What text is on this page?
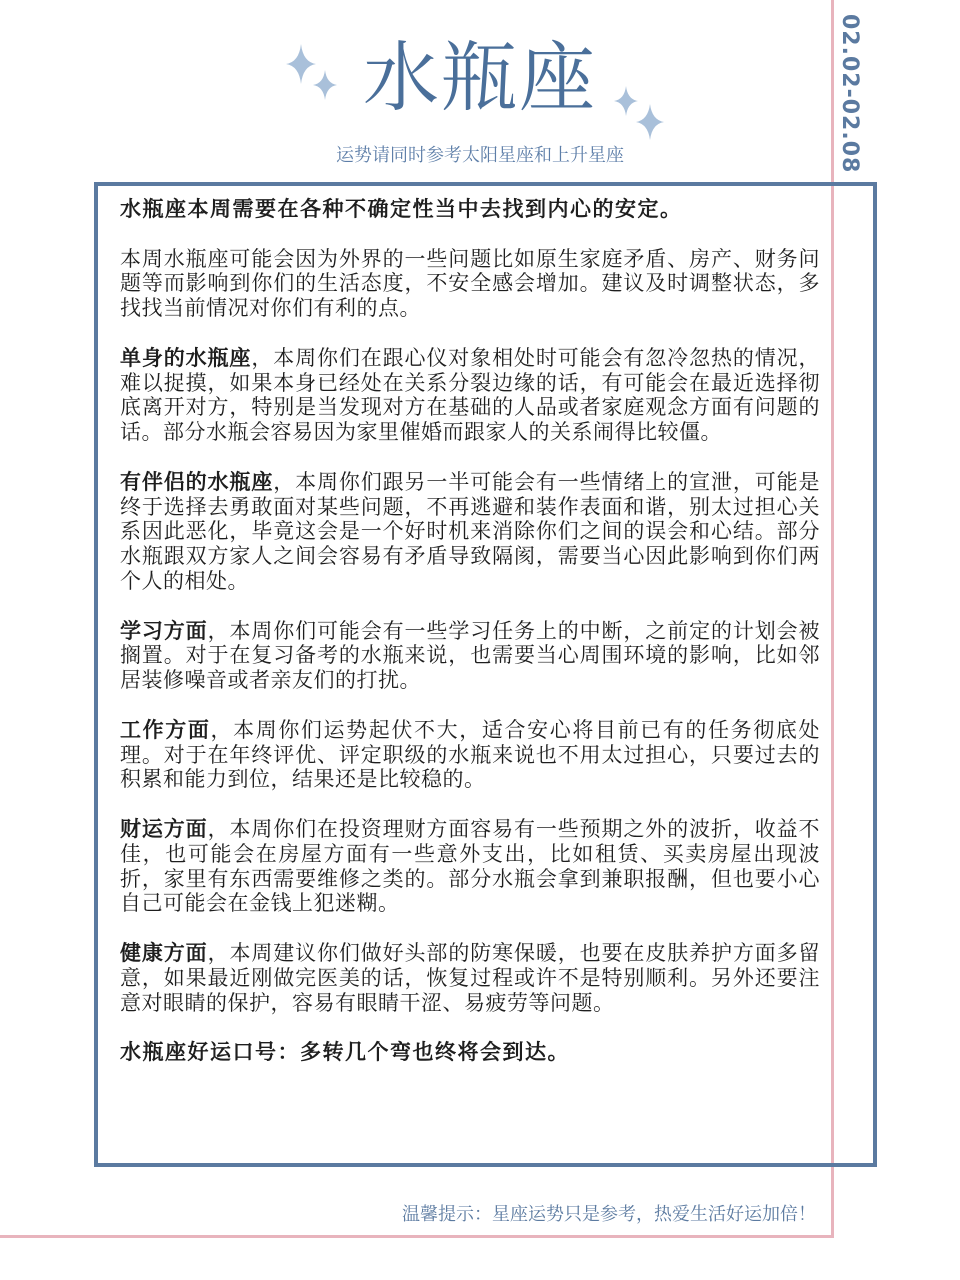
02.02-02.08
水瓶座
运势请同时参考太阳星座和上升星座

水瓶座本周需要在各种不确定性当中去找到内心的安定。

本周水瓶座可能会因为外界的一些问题比如原生家庭矛盾、房产、财务问题等而影响到你们的生活态度，不安全感会增加。建议及时调整状态，多找找当前情况对你们有利的点。

单身的水瓶座，本周你们在跟心仪对象相处时可能会有忽冷忽热的情况，难以捉摸，如果本身已经处在关系分裂边缘的话，有可能会在最近选择彻底离开对方，特别是当发现对方在基础的人品或者家庭观念方面有问题的话。部分水瓶会容易因为家里催婚而跟家人的关系闹得比较僵。

有伴侣的水瓶座，本周你们跟另一半可能会有一些情绪上的宣泄，可能是终于选择去勇敢面对某些问题，不再逃避和装作表面和谐，别太过担心关系因此恶化，毕竟这会是一个好时机来消除你们之间的误会和心结。部分水瓶跟双方家人之间会容易有矛盾导致隔阂，需要当心因此影响到你们两个人的相处。

学习方面，本周你们可能会有一些学习任务上的中断，之前定的计划会被搁置。对于在复习备考的水瓶来说，也需要当心周围环境的影响，比如邻居装修噪音或者亲友们的打扰。

工作方面，本周你们运势起伏不大，适合安心将目前已有的任务彻底处理。对于在年终评优、评定职级的水瓶来说也不用太过担心，只要过去的积累和能力到位，结果还是比较稳的。

财运方面，本周你们在投资理财方面容易有一些预期之外的波折，收益不佳，也可能会在房屋方面有一些意外支出，比如租赁、买卖房屋出现波折，家里有东西需要维修之类的。部分水瓶会拿到兼职报酬，但也要小心自己可能会在金钱上犯迷糊。

健康方面，本周建议你们做好头部的防寒保暖，也要在皮肤养护方面多留意，如果最近刚做完医美的话，恢复过程或许不是特别顺利。另外还要注意对眼睛的保护，容易有眼睛干涩、易疲劳等问题。

水瓶座好运口号：多转几个弯也终将会到达。

温馨提示：星座运势只是参考，热爱生活好运加倍！
